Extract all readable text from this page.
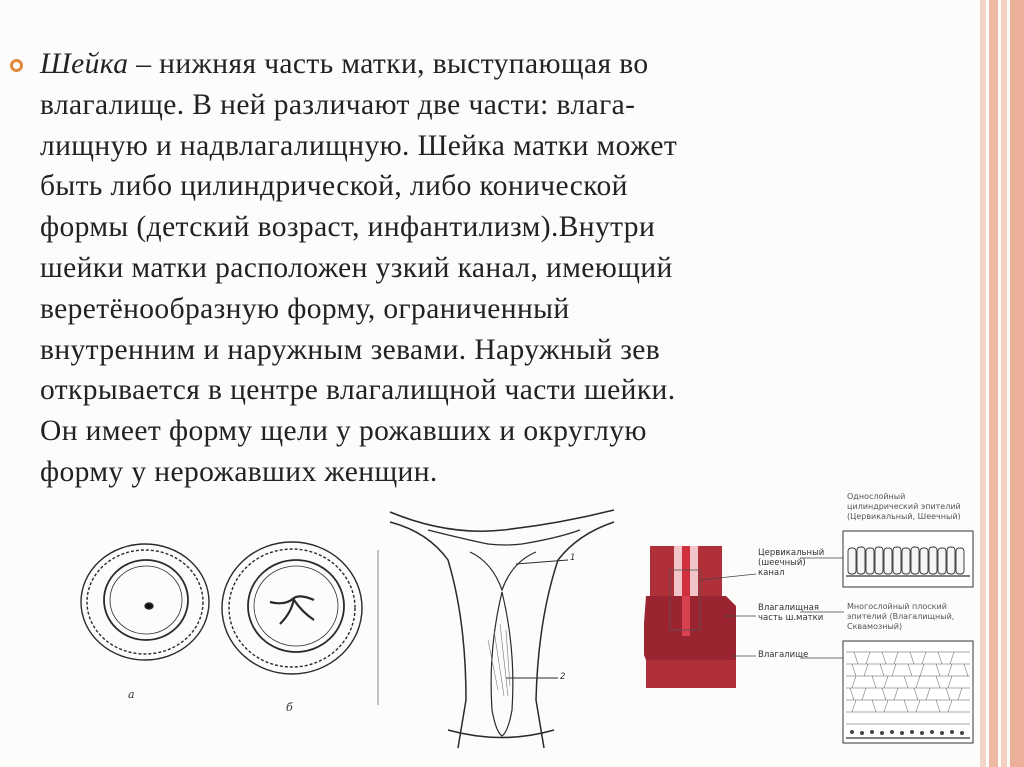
Шейка – нижняя часть матки, выступающая во
влагалище. В ней различают две части: влага-
лищную и надвлагалищную. Шейка матки может
быть либо цилиндрической, либо конической
формы (детский возраст, инфантилизм).Внутри
шейки матки расположен узкий канал, имеющий
веретёнообразную форму, ограниченный
внутренним и наружным зевами. Наружный зев
открывается в центре влагалищной части шейки.
Он имеет форму щели у рожавших и округлую
форму у нерожавших женщин.
а
б
1
2
Цервикальный
(шеечный)
канал
Влагалищная
часть ш.матки
Влагалище
Однослойный
цилиндрический эпителий
(Цервикальный, Шеечный)
Многослойный плоский
эпителий (Влагалищный,
Сквамозный)
